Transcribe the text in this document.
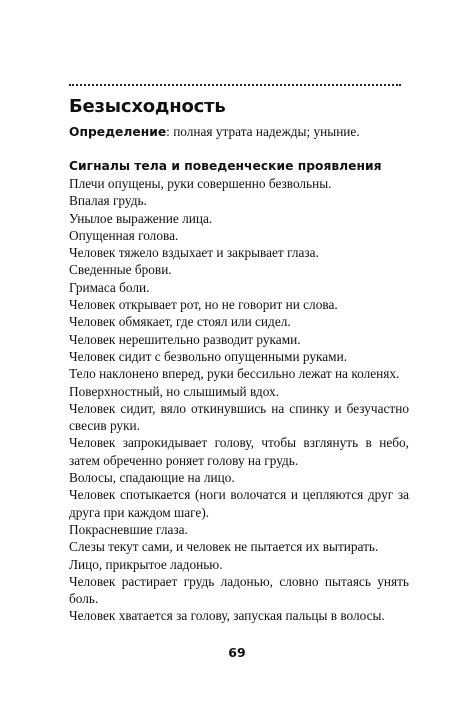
Безысходность

Определение: полная утрата надежды; уныние.

Сигналы тела и поведенческие проявления
Плечи опущены, руки совершенно безвольны.
Впалая грудь.
Унылое выражение лица.
Опущенная голова.
Человек тяжело вздыхает и закрывает глаза.
Сведенные брови.
Гримаса боли.
Человек открывает рот, но не говорит ни слова.
Человек обмякает, где стоял или сидел.
Человек нерешительно разводит руками.
Человек сидит с безвольно опущенными руками.
Тело наклонено вперед, руки бессильно лежат на коленях.
Поверхностный, но слышимый вдох.
Человек сидит, вяло откинувшись на спинку и безучастно свесив руки.
Человек запрокидывает голову, чтобы взглянуть в небо, затем обреченно роняет голову на грудь.
Волосы, спадающие на лицо.
Человек спотыкается (ноги волочатся и цепляются друг за друга при каждом шаге).
Покрасневшие глаза.
Слезы текут сами, и человек не пытается их вытирать.
Лицо, прикрытое ладонью.
Человек растирает грудь ладонью, словно пытаясь унять боль.
Человек хватается за голову, запуская пальцы в волосы.
69
